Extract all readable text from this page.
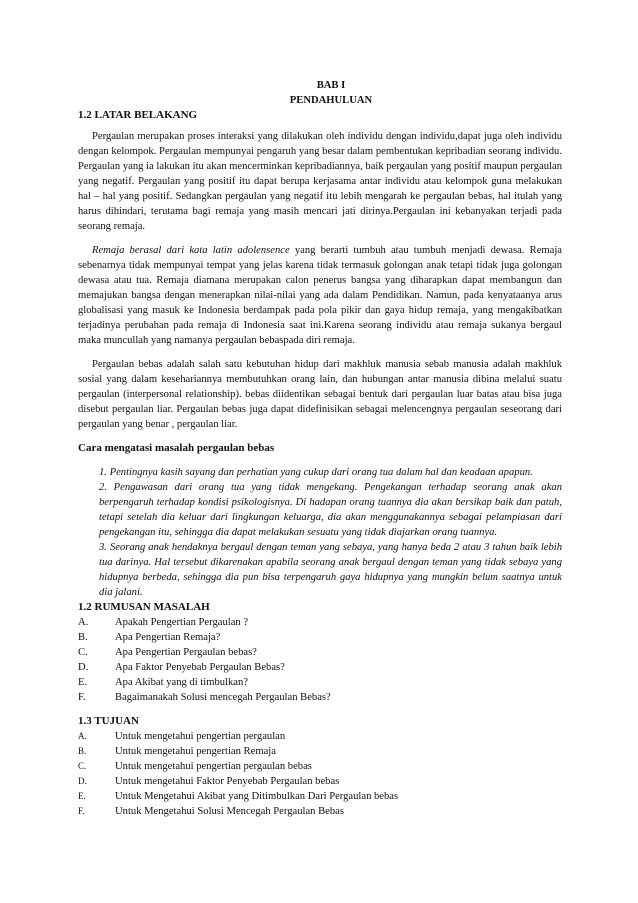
BAB I
PENDAHULUAN
1.2 LATAR BELAKANG

Pergaulan merupakan proses interaksi yang dilakukan oleh individu dengan individu,dapat juga oleh individu dengan kelompok. Pergaulan mempunyai pengaruh yang besar dalam pembentukan kepribadian seorang individu. Pergaulan yang ia lakukan itu akan mencerminkan kepribadiannya, baik pergaulan yang positif maupun pergaulan yang negatif. Pergaulan yang positif itu dapat berupa kerjasama antar individu atau kelompok guna melakukan hal – hal yang positif. Sedangkan pergaulan yang negatif itu lebih mengarah ke pergaulan bebas, hal itulah yang harus dihindari, terutama bagi remaja yang masih mencari jati dirinya.Pergaulan ini kebanyakan terjadi pada seorang remaja.

Remaja berasal dari kata latin adolensence yang berarti tumbuh atau tumbuh menjadi dewasa. Remaja sebenarnya tidak mempunyai tempat yang jelas karena tidak termasuk golongan anak tetapi tidak juga golongan dewasa atau tua. Remaja diamana merupakan calon penerus bangsa yang diharapkan dapat membangun dan memajukan bangsa dengan menerapkan nilai-nilai yang ada dalam Pendidikan. Namun, pada kenyataanya arus globalisasi yang masuk ke Indonesia berdampak pada pola pikir dan gaya hidup remaja, yang mengakibatkan terjadinya perubahan pada remaja di Indonesia saat ini.Karena seorang individu atau remaja sukanya bergaul maka muncullah yang namanya pergaulan bebaspada diri remaja.

Pergaulan bebas adalah salah satu kebutuhan hidup dari makhluk manusia sebab manusia adalah makhluk sosial yang dalam kesehariannya membutuhkan orang lain, dan hubungan antar manusia dibina melalui suatu pergaulan (interpersonal relationship). bebas diidentikan sebagai bentuk dari pergaulan luar batas atau bisa juga disebut pergaulan liar. Pergaulan bebas juga dapat didefinisikan sebagai melencengnya pergaulan seseorang dari pergaulan yang benar , pergaulan liar.

Cara mengatasi masalah pergaulan bebas
1. Pentingnya kasih sayang dan perhatian yang cukup dari orang tua dalam hal dan keadaan apapun.
2. Pengawasan dari orang tua yang tidak mengekang. Pengekangan terhadap seorang anak akan berpengaruh terhadap kondisi psikologisnya. Di hadapan orang tuannya dia akan bersikap baik dan patuh, tetapi setelah dia keluar dari lingkungan keluarga, dia akan menggunakannya sebagai pelampiasan dari pengekangan itu, sehingga dia dapat melakukan sesuatu yang tidak diajarkan orang tuannya.
3. Seorang anak hendaknya bergaul dengan teman yang sebaya, yang hanya beda 2 atau 3 tahun baik lebih tua darinya. Hal tersebut dikarenakan apabila seorang anak bergaul dengan teman yang tidak sebaya yang hidupnya berbeda, sehingga dia pun bisa terpengaruh gaya hidupnya yang mungkin belum saatnya untuk dia jalani.
1.2 RUMUSAN MASALAH
A.	Apakah Pengertian Pergaulan ?
B.	Apa Pengertian Remaja?
C.	Apa Pengertian Pergaulan bebas?
D.	Apa Faktor Penyebab Pergaulan Bebas?
E.	Apa Akibat yang di timbulkan?
F.	Bagaimanakah Solusi mencegah Pergaulan Bebas?
1.3 TUJUAN
A.	Untuk mengetahui pengertian pergaulan
B.	Untuk mengetahui pengertian Remaja
C.	Untuk mengetahui pengertian pergaulan bebas
D.	Untuk mengetahui Faktor Penyebab Pergaulan bebas
E.	Untuk Mengetahui Akibat yang Ditimbulkan Dari Pergaulan bebas
F.	Untuk Mengetahui Solusi Mencegah Pergaulan Bebas
